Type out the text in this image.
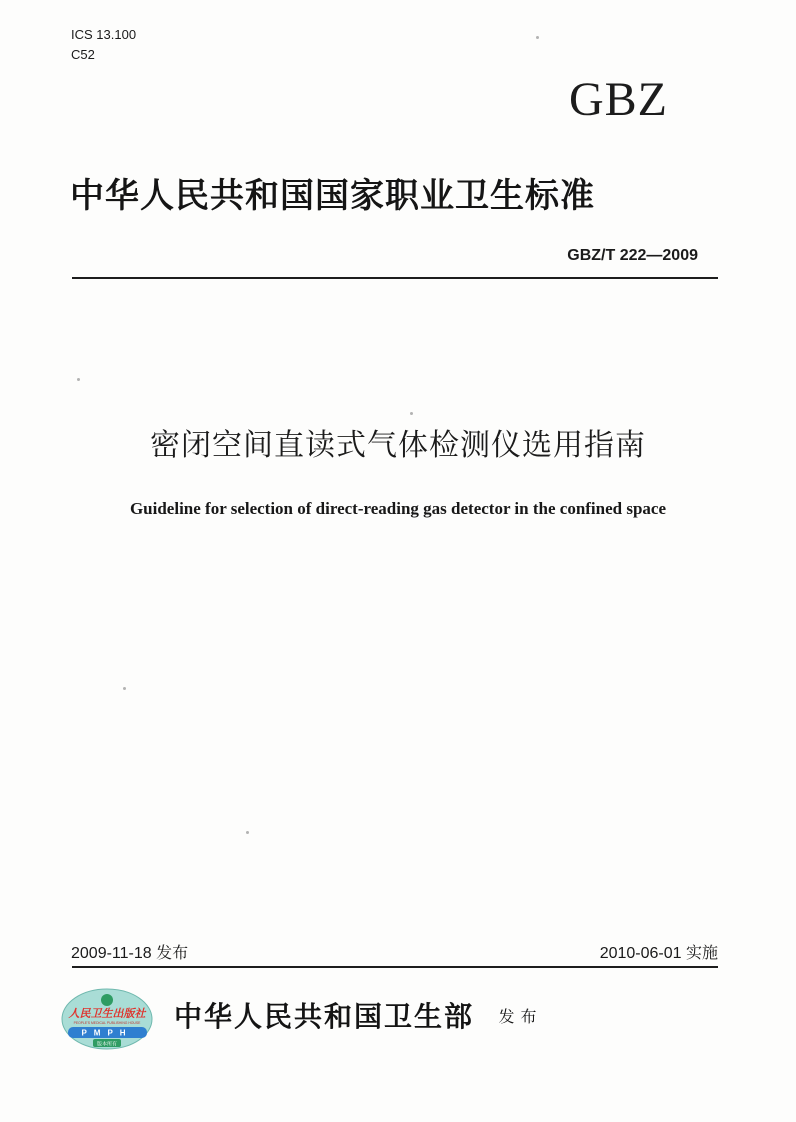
ICS 13.100
C52
GBZ
中华人民共和国国家职业卫生标准
GBZ/T 222—2009
密闭空间直读式气体检测仪选用指南
Guideline for selection of direct-reading gas detector in the confined space
2009-11-18 发布	2010-06-01 实施
人民卫生出版社
PEOPLE'S MEDICAL PUBLISHING HOUSE
PMPH
版本所有
中华人民共和国卫生部 发布
